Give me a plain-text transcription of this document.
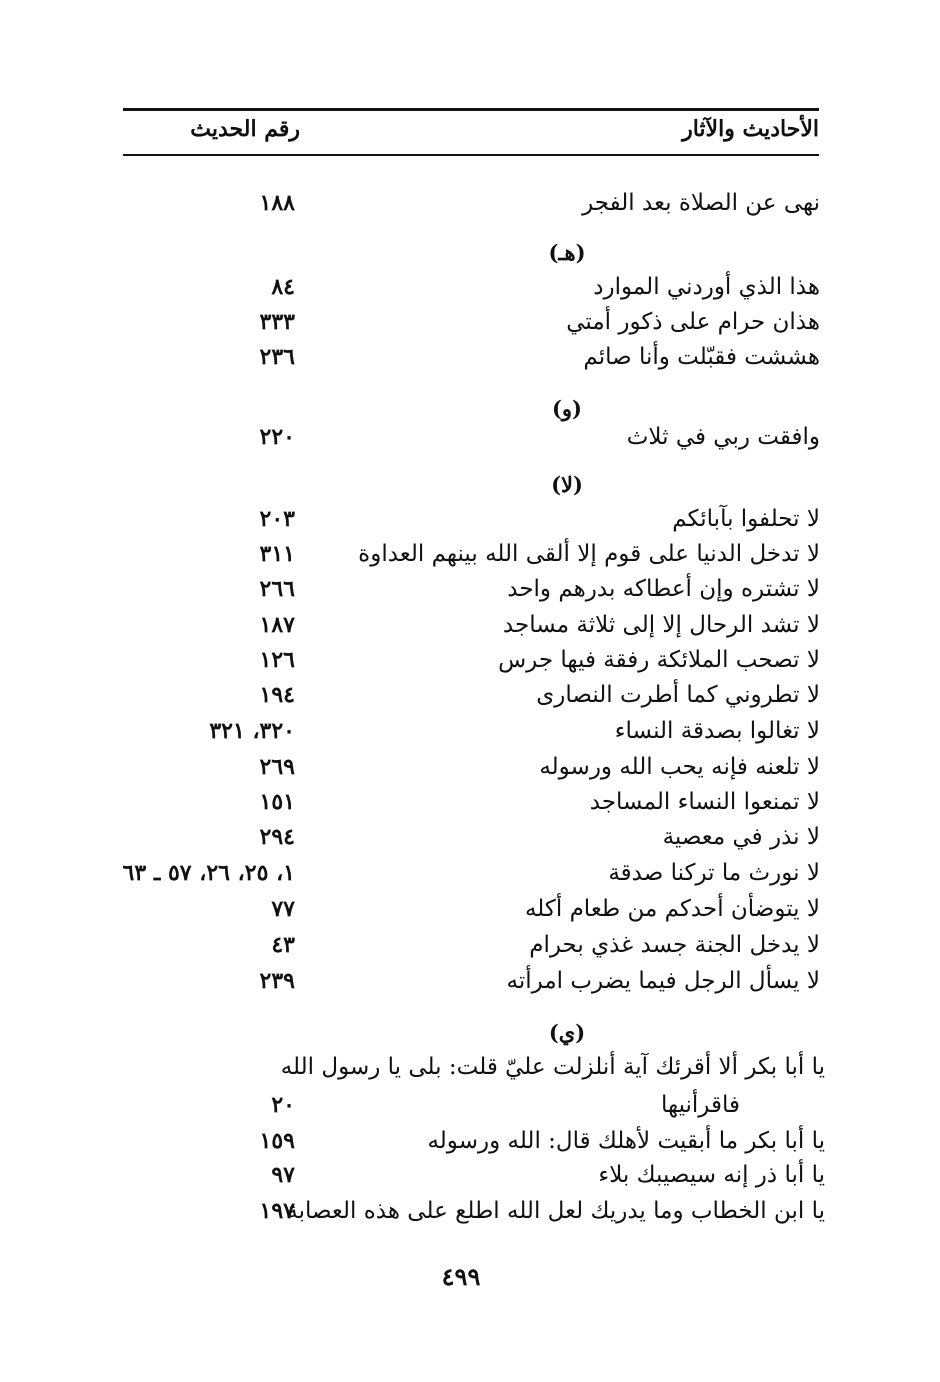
الأحاديث والآثار
رقم الحديث
نهى عن الصلاة بعد الفجر
١٨٨
(هـ)
هذا الذي أوردني الموارد
٨٤
هذان حرام على ذكور أمتي
٣٣٣
هششت فقبّلت وأنا صائم
٢٣٦
(و)
وافقت ربي في ثلاث
٢٢٠
(لا)
لا تحلفوا بآبائكم
٢٠٣
لا تدخل الدنيا على قوم إلا ألقى الله بينهم العداوة
٣١١
لا تشتره وإن أعطاكه بدرهم واحد
٢٦٦
لا تشد الرحال إلا إلى ثلاثة مساجد
١٨٧
لا تصحب الملائكة رفقة فيها جرس
١٢٦
لا تطروني كما أطرت النصارى
١٩٤
لا تغالوا بصدقة النساء
٣٢٠، ٣٢١
لا تلعنه فإنه يحب الله ورسوله
٢٦٩
لا تمنعوا النساء المساجد
١٥١
لا نذر في معصية
٢٩٤
لا نورث ما تركنا صدقة
١، ٢٥، ٢٦، ٥٧ ـ ٦٣
لا يتوضأن أحدكم من طعام أكله
٧٧
لا يدخل الجنة جسد غذي بحرام
٤٣
لا يسأل الرجل فيما يضرب امرأته
٢٣٩
(ي)
يا أبا بكر ألا أقرئك آية أنلزلت عليّ قلت: بلى يا رسول الله
فاقرأنيها
٢٠
يا أبا بكر ما أبقيت لأهلك قال: الله ورسوله
١٥٩
يا أبا ذر إنه سيصيبك بلاء
٩٧
يا ابن الخطاب وما يدريك لعل الله اطلع على هذه العصابة
١٩٧
٤٩٩
